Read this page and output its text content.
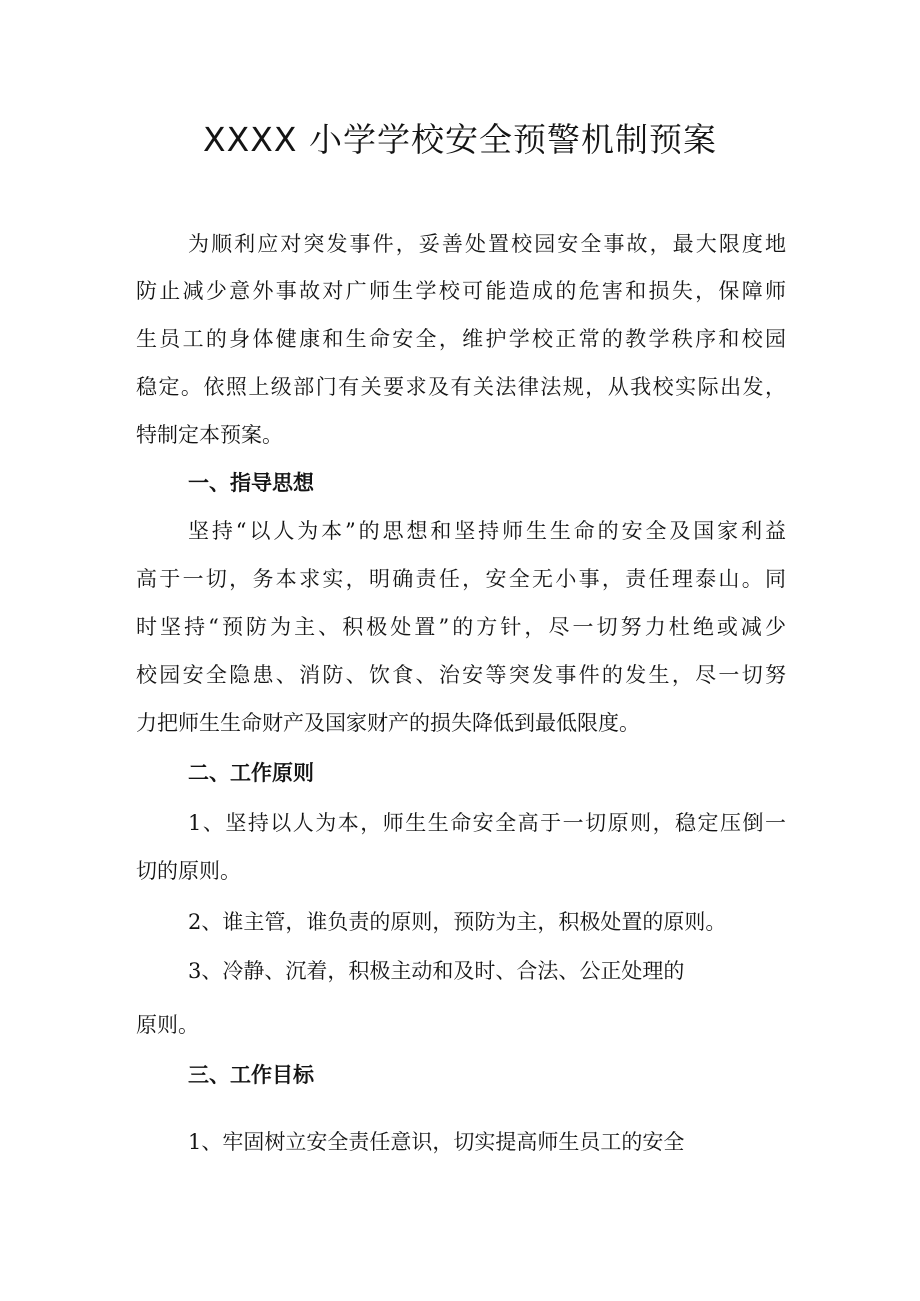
XXXX 小学学校安全预警机制预案

为顺利应对突发事件，妥善处置校园安全事故，最大限度地

防止减少意外事故对广师生学校可能造成的危害和损失，保障师

生员工的身体健康和生命安全，维护学校正常的教学秩序和校园

稳定。依照上级部门有关要求及有关法律法规，从我校实际出发，

特制定本预案。

一、指导思想

坚持“以人为本”的思想和坚持师生生命的安全及国家利益

高于一切，务本求实，明确责任，安全无小事，责任理泰山。同

时坚持“预防为主、积极处置”的方针，尽一切努力杜绝或减少

校园安全隐患、消防、饮食、治安等突发事件的发生，尽一切努

力把师生生命财产及国家财产的损失降低到最低限度。

二、工作原则

1、坚持以人为本，师生生命安全高于一切原则，稳定压倒一

切的原则。

2、谁主管，谁负责的原则，预防为主，积极处置的原则。

3、冷静、沉着，积极主动和及时、合法、公正处理的

原则。

三、工作目标

1、牢固树立安全责任意识，切实提高师生员工的安全
